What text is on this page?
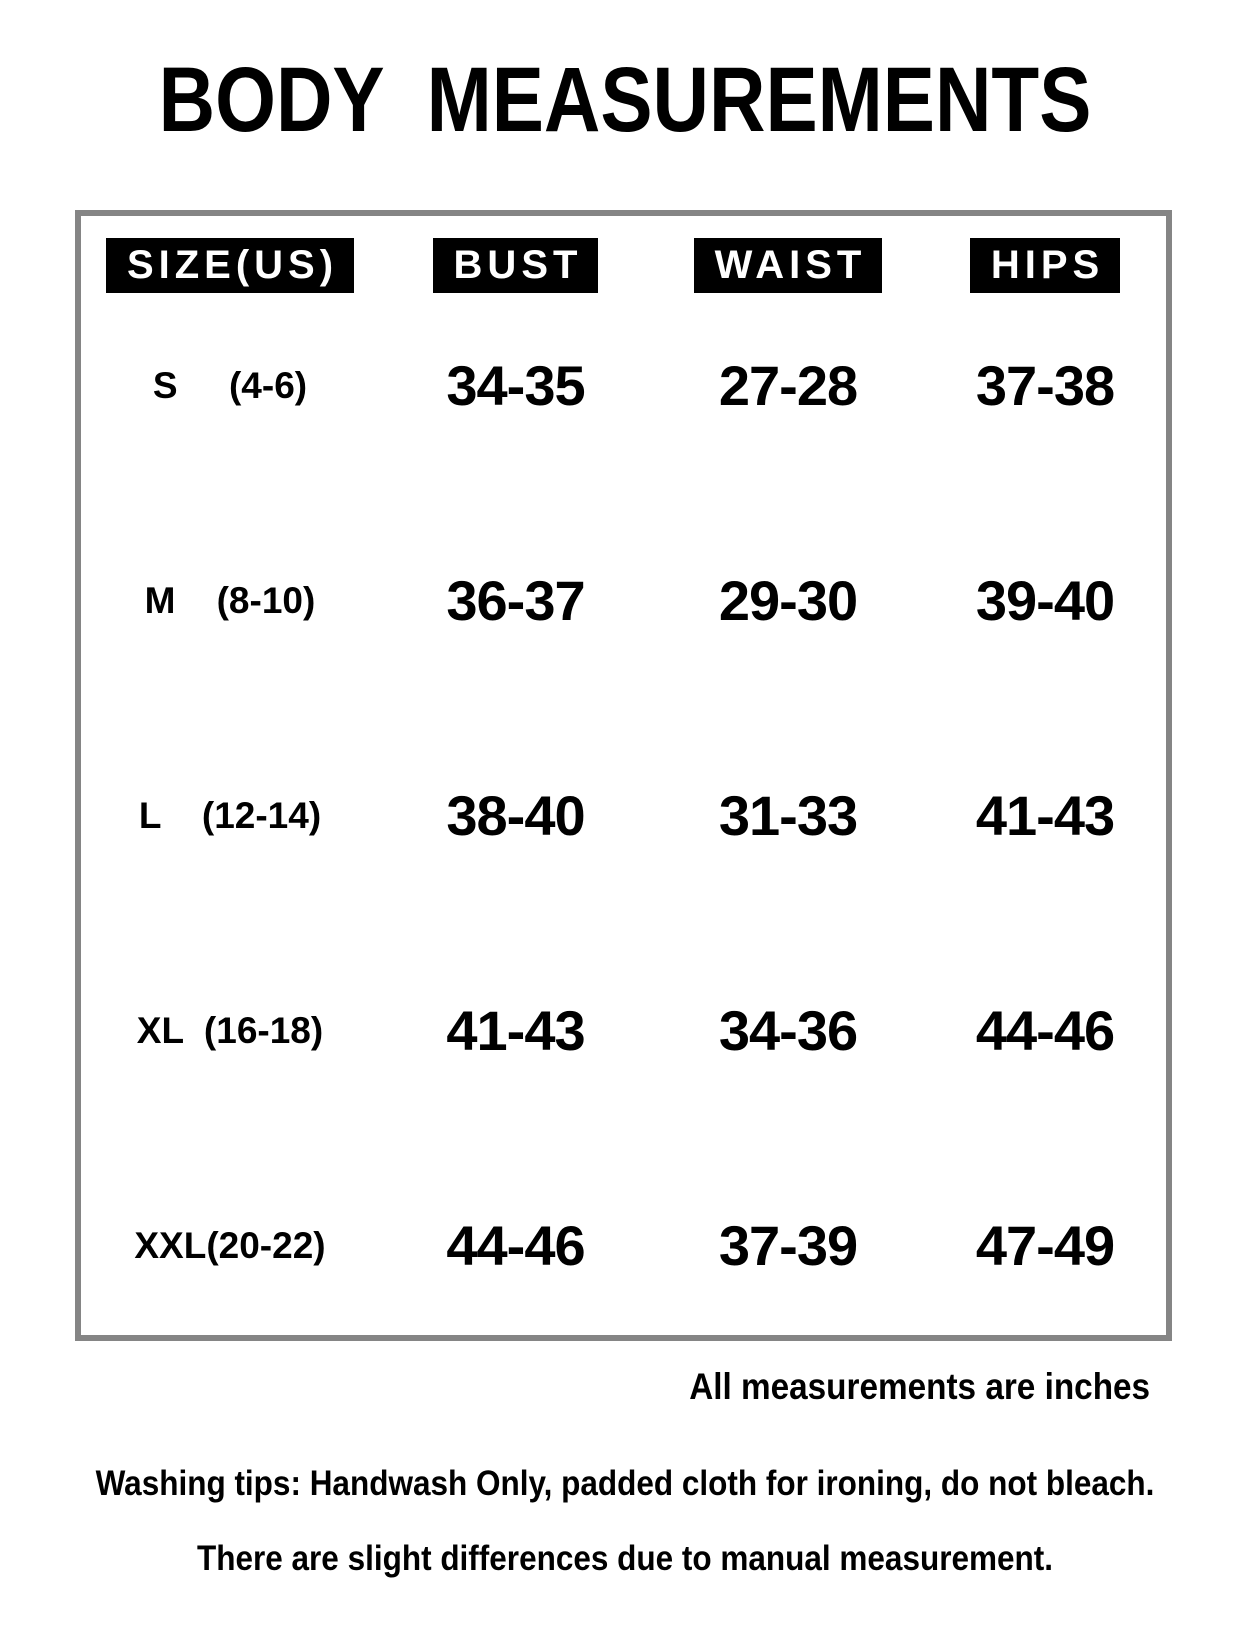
BODY  MEASUREMENTS
SIZE(US)	BUST	WAIST	HIPS
S     (4-6)	34-35	27-28	37-38
M    (8-10)	36-37	29-30	39-40
L    (12-14)	38-40	31-33	41-43
XL  (16-18)	41-43	34-36	44-46
XXL(20-22)	44-46	37-39	47-49
All measurements are inches
Washing tips: Handwash Only, padded cloth for ironing, do not bleach.
There are slight differences due to manual measurement.
